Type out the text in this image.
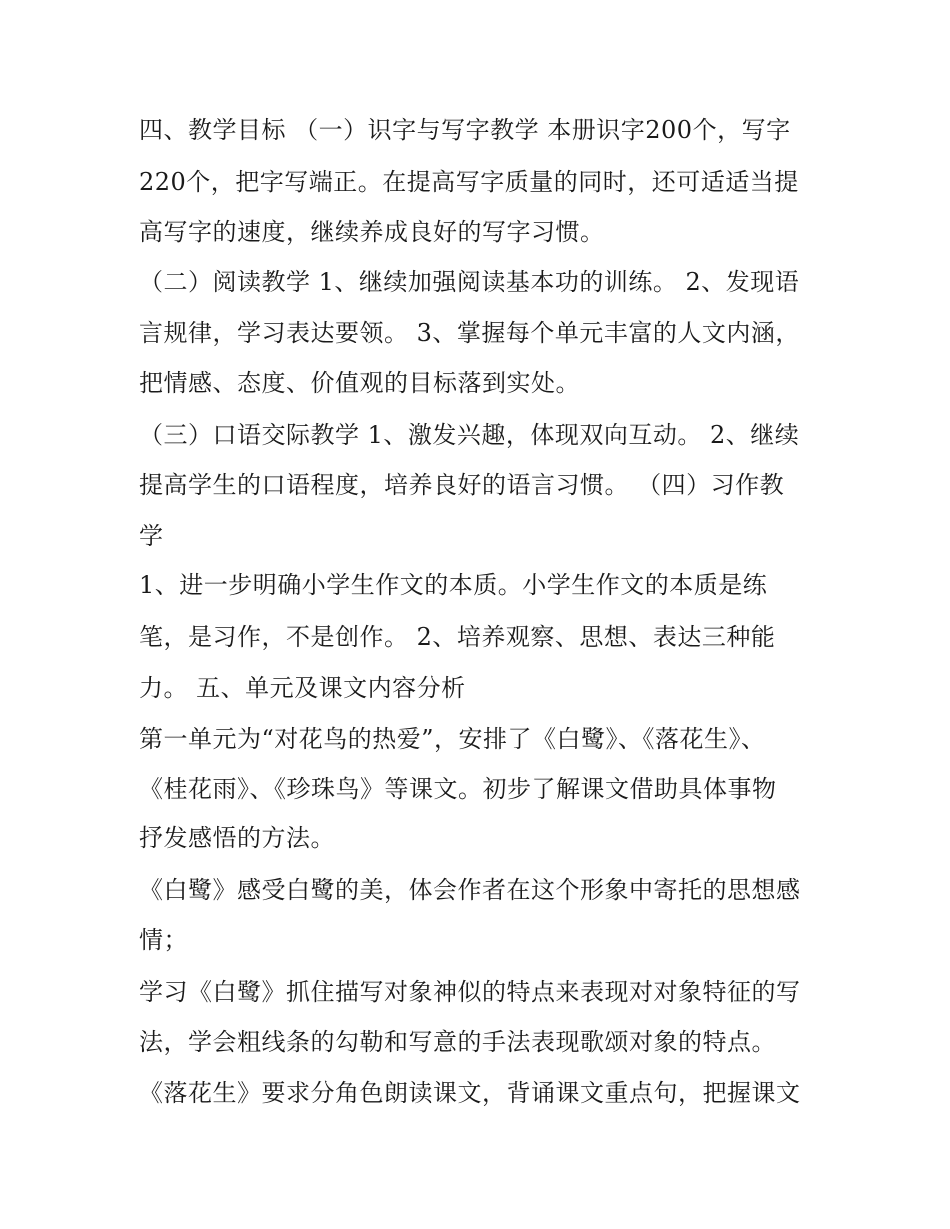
四、教学目标 （一）识字与写字教学 本册识字200个，写字
220个，把字写端正。在提高写字质量的同时，还可适适当提
高写字的速度，继续养成良好的写字习惯。
（二）阅读教学 1、继续加强阅读基本功的训练。 2、发现语
言规律，学习表达要领。 3、掌握每个单元丰富的人文内涵，
把情感、态度、价值观的目标落到实处。
（三）口语交际教学 1、激发兴趣，体现双向互动。 2、继续
提高学生的口语程度，培养良好的语言习惯。 （四）习作教
学
1、进一步明确小学生作文的本质。小学生作文的本质是练
笔，是习作，不是创作。 2、培养观察、思想、表达三种能
力。 五、单元及课文内容分析
第一单元为“对花鸟的热爱”，安排了《白鹭》、《落花生》、
《桂花雨》、《珍珠鸟》等课文。初步了解课文借助具体事物
抒发感悟的方法。
《白鹭》感受白鹭的美，体会作者在这个形象中寄托的思想感
情；
学习《白鹭》抓住描写对象神似的特点来表现对对象特征的写
法，学会粗线条的勾勒和写意的手法表现歌颂对象的特点。
《落花生》要求分角色朗读课文，背诵课文重点句，把握课文
